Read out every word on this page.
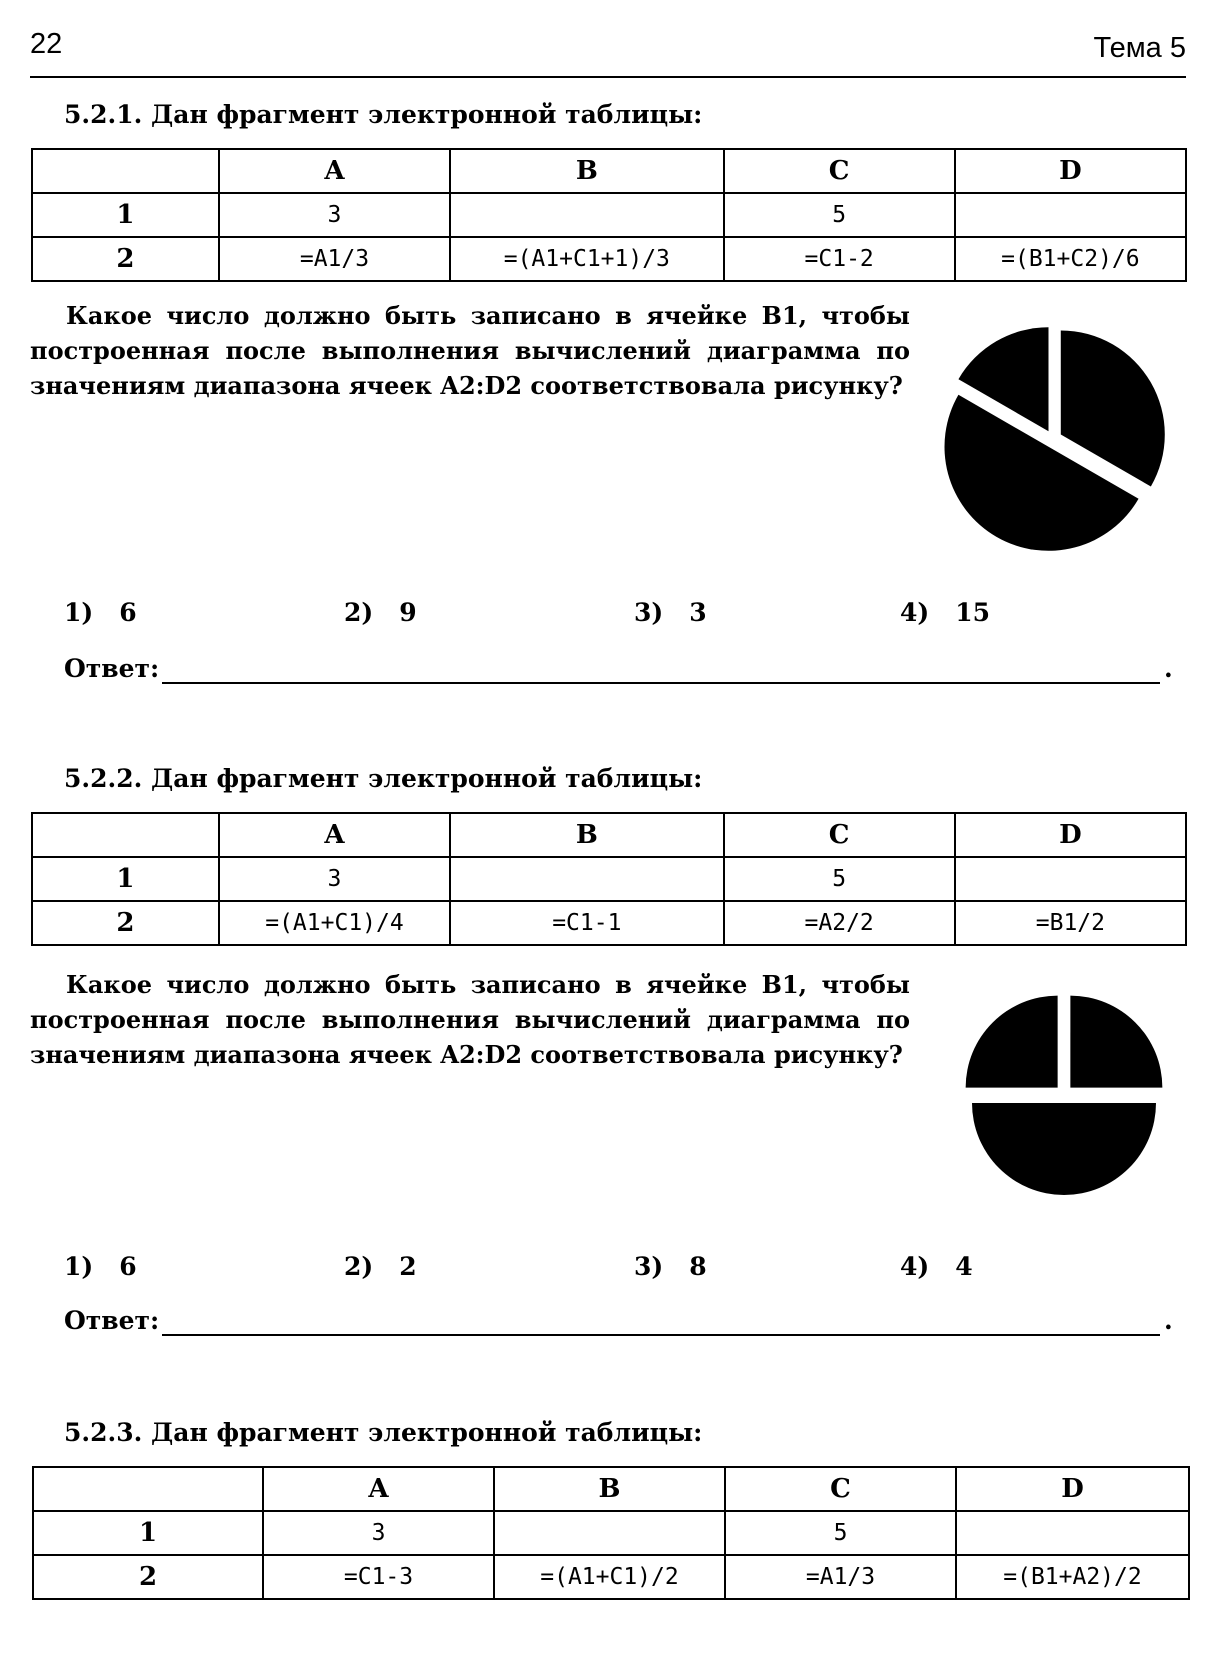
22	Тема 5
5.2.1. Дан фрагмент электронной таблицы:
	A	B	C	D
1	3		5	
2	=A1/3	=(A1+C1+1)/3	=C1-2	=(B1+C2)/6
Какое число должно быть записано в ячейке B1, чтобы построенная после выполнения вычислений диаграмма по значениям диапазона ячеек A2:D2 соответствовала рисунку?
1) 6	2) 9	3) 3	4) 15
Ответ:	.
5.2.2. Дан фрагмент электронной таблицы:
	A	B	C	D
1	3		5	
2	=(A1+C1)/4	=C1-1	=A2/2	=B1/2
Какое число должно быть записано в ячейке B1, чтобы построенная после выполнения вычислений диаграмма по значениям диапазона ячеек A2:D2 соответствовала рисунку?
1) 6	2) 2	3) 8	4) 4
Ответ:	.
5.2.3. Дан фрагмент электронной таблицы:
	A	B	C	D
1	3		5	
2	=C1-3	=(A1+C1)/2	=A1/3	=(B1+A2)/2
